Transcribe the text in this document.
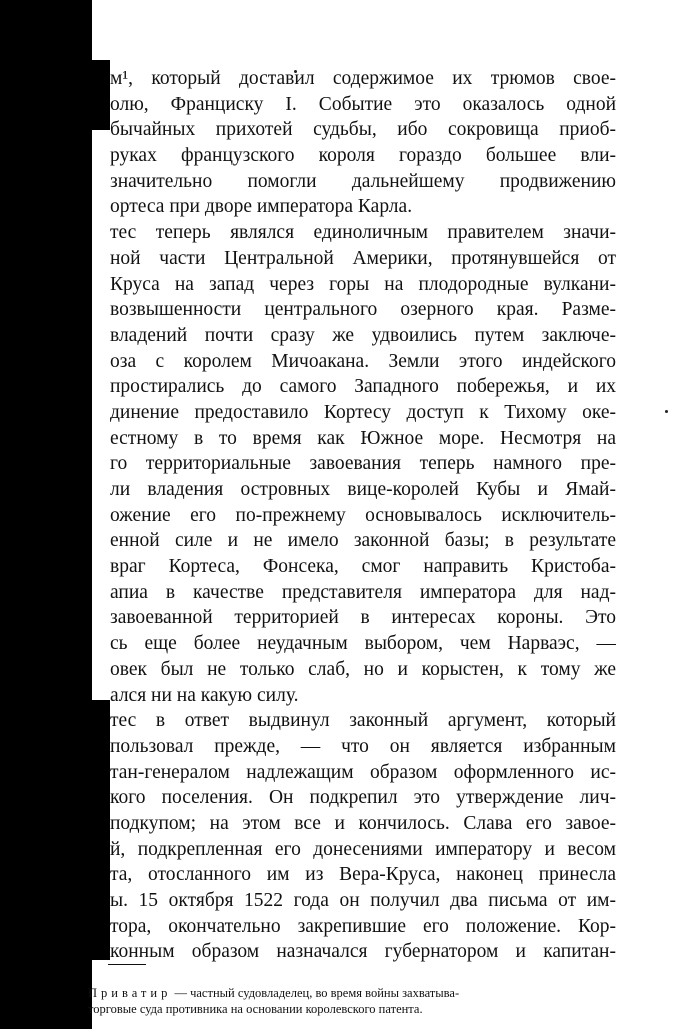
м¹, который доставил содержимое их трюмов свое-
олю, Франциску I. Событие это оказалось одной
бычайных прихотей судьбы, ибо сокровища приоб-
руках французского короля гораздо большее вли-
значительно помогли дальнейшему продвижению
ортеса при дворе императора Карла.
тес теперь являлся единоличным правителем значи-
ной части Центральной Америки, протянувшейся от
Круса на запад через горы на плодородные вулкани-
возвышенности центрального озерного края. Разме-
владений почти сразу же удвоились путем заключе-
оза с королем Мичоакана. Земли этого индейского
простирались до самого Западного побережья, и их
динение предоставило Кортесу доступ к Тихому оке-
естному в то время как Южное море. Несмотря на
го территориальные завоевания теперь намного пре-
ли владения островных вице-королей Кубы и Ямай-
ожение его по-прежнему основывалось исключитель-
енной силе и не имело законной базы; в результате
враг Кортеса, Фонсека, смог направить Кристоба-
апиа в качестве представителя императора для над-
завоеванной территорией в интересах короны. Это
сь еще более неудачным выбором, чем Нарваэс, —
овек был не только слаб, но и корыстен, к тому же
ался ни на какую силу.
тес в ответ выдвинул законный аргумент, который
пользовал прежде, — что он является избранным
тан-генералом надлежащим образом оформленного ис-
кого поселения. Он подкрепил это утверждение лич-
подкупом; на этом все и кончилось. Слава его завое-
й, подкрепленная его донесениями императору и весом
та, отосланного им из Вера-Круса, наконец принесла
ы. 15 октября 1522 года он получил два письма от им-
тора, окончательно закрепившие его положение. Кор-
конным образом назначался губернатором и капитан-
Приватир — частный судовладелец, во время войны захватыва-
торговые суда противника на основании королевского патента.
